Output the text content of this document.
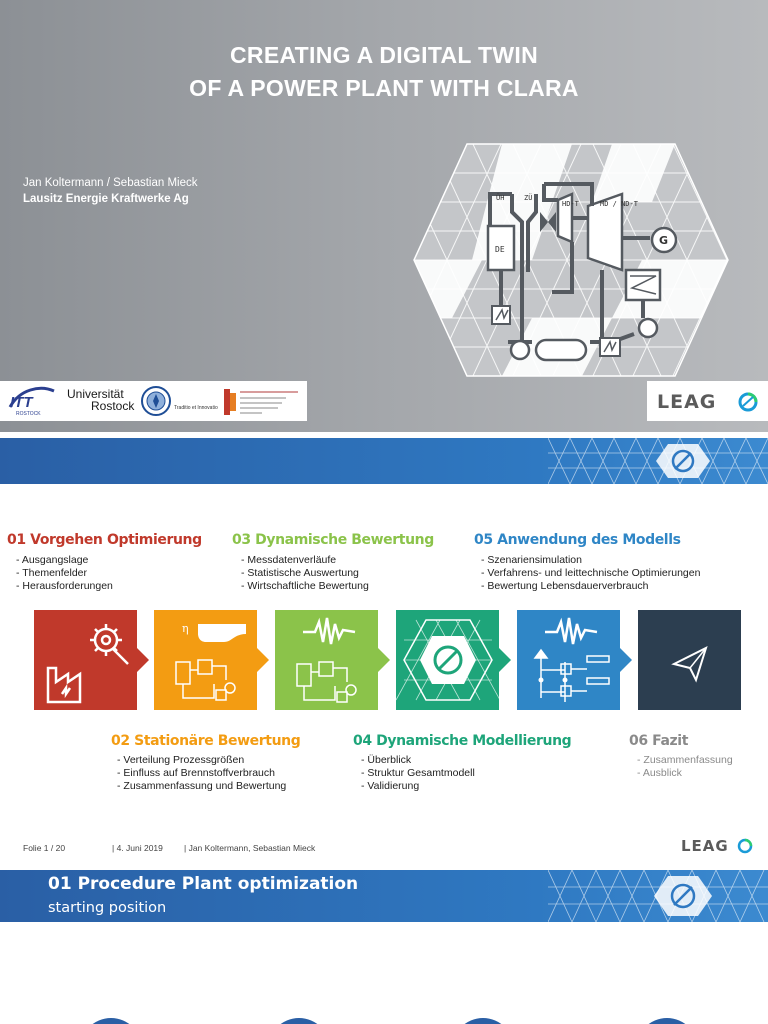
CREATING A DIGITAL TWIN
OF A POWER PLANT WITH CLARA
Jan Koltermann / Sebastian Mieck
Lausitz Energie Kraftwerke Ag	ÜH	ZÜ
HD-T	MD / ND-T
DE
G
ITT
ROSTOCK
Universität
Rostock	Traditio et Innovatio	LEAG
01 Vorgehen Optimierung
- Ausgangslage
- Themenfelder
- Herausforderungen
03 Dynamische Bewertung
- Messdatenverläufe
- Statistische Auswertung
- Wirtschaftliche Bewertung
05 Anwendung des Modells
- Szenariensimulation
- Verfahrens- und leittechnische Optimierungen
- Bewertung Lebensdauerverbrauch
η
02 Stationäre Bewertung
- Verteilung Prozessgrößen
- Einfluss auf Brennstoffverbrauch
- Zusammenfassung und Bewertung
04 Dynamische Modellierung
- Überblick
- Struktur Gesamtmodell
- Validierung
06 Fazit
- Zusammenfassung
- Ausblick
Folie 1 / 20	| 4. Juni 2019 | Jan Koltermann, Sebastian Mieck	LEAG
01 Procedure Plant optimization
starting position
